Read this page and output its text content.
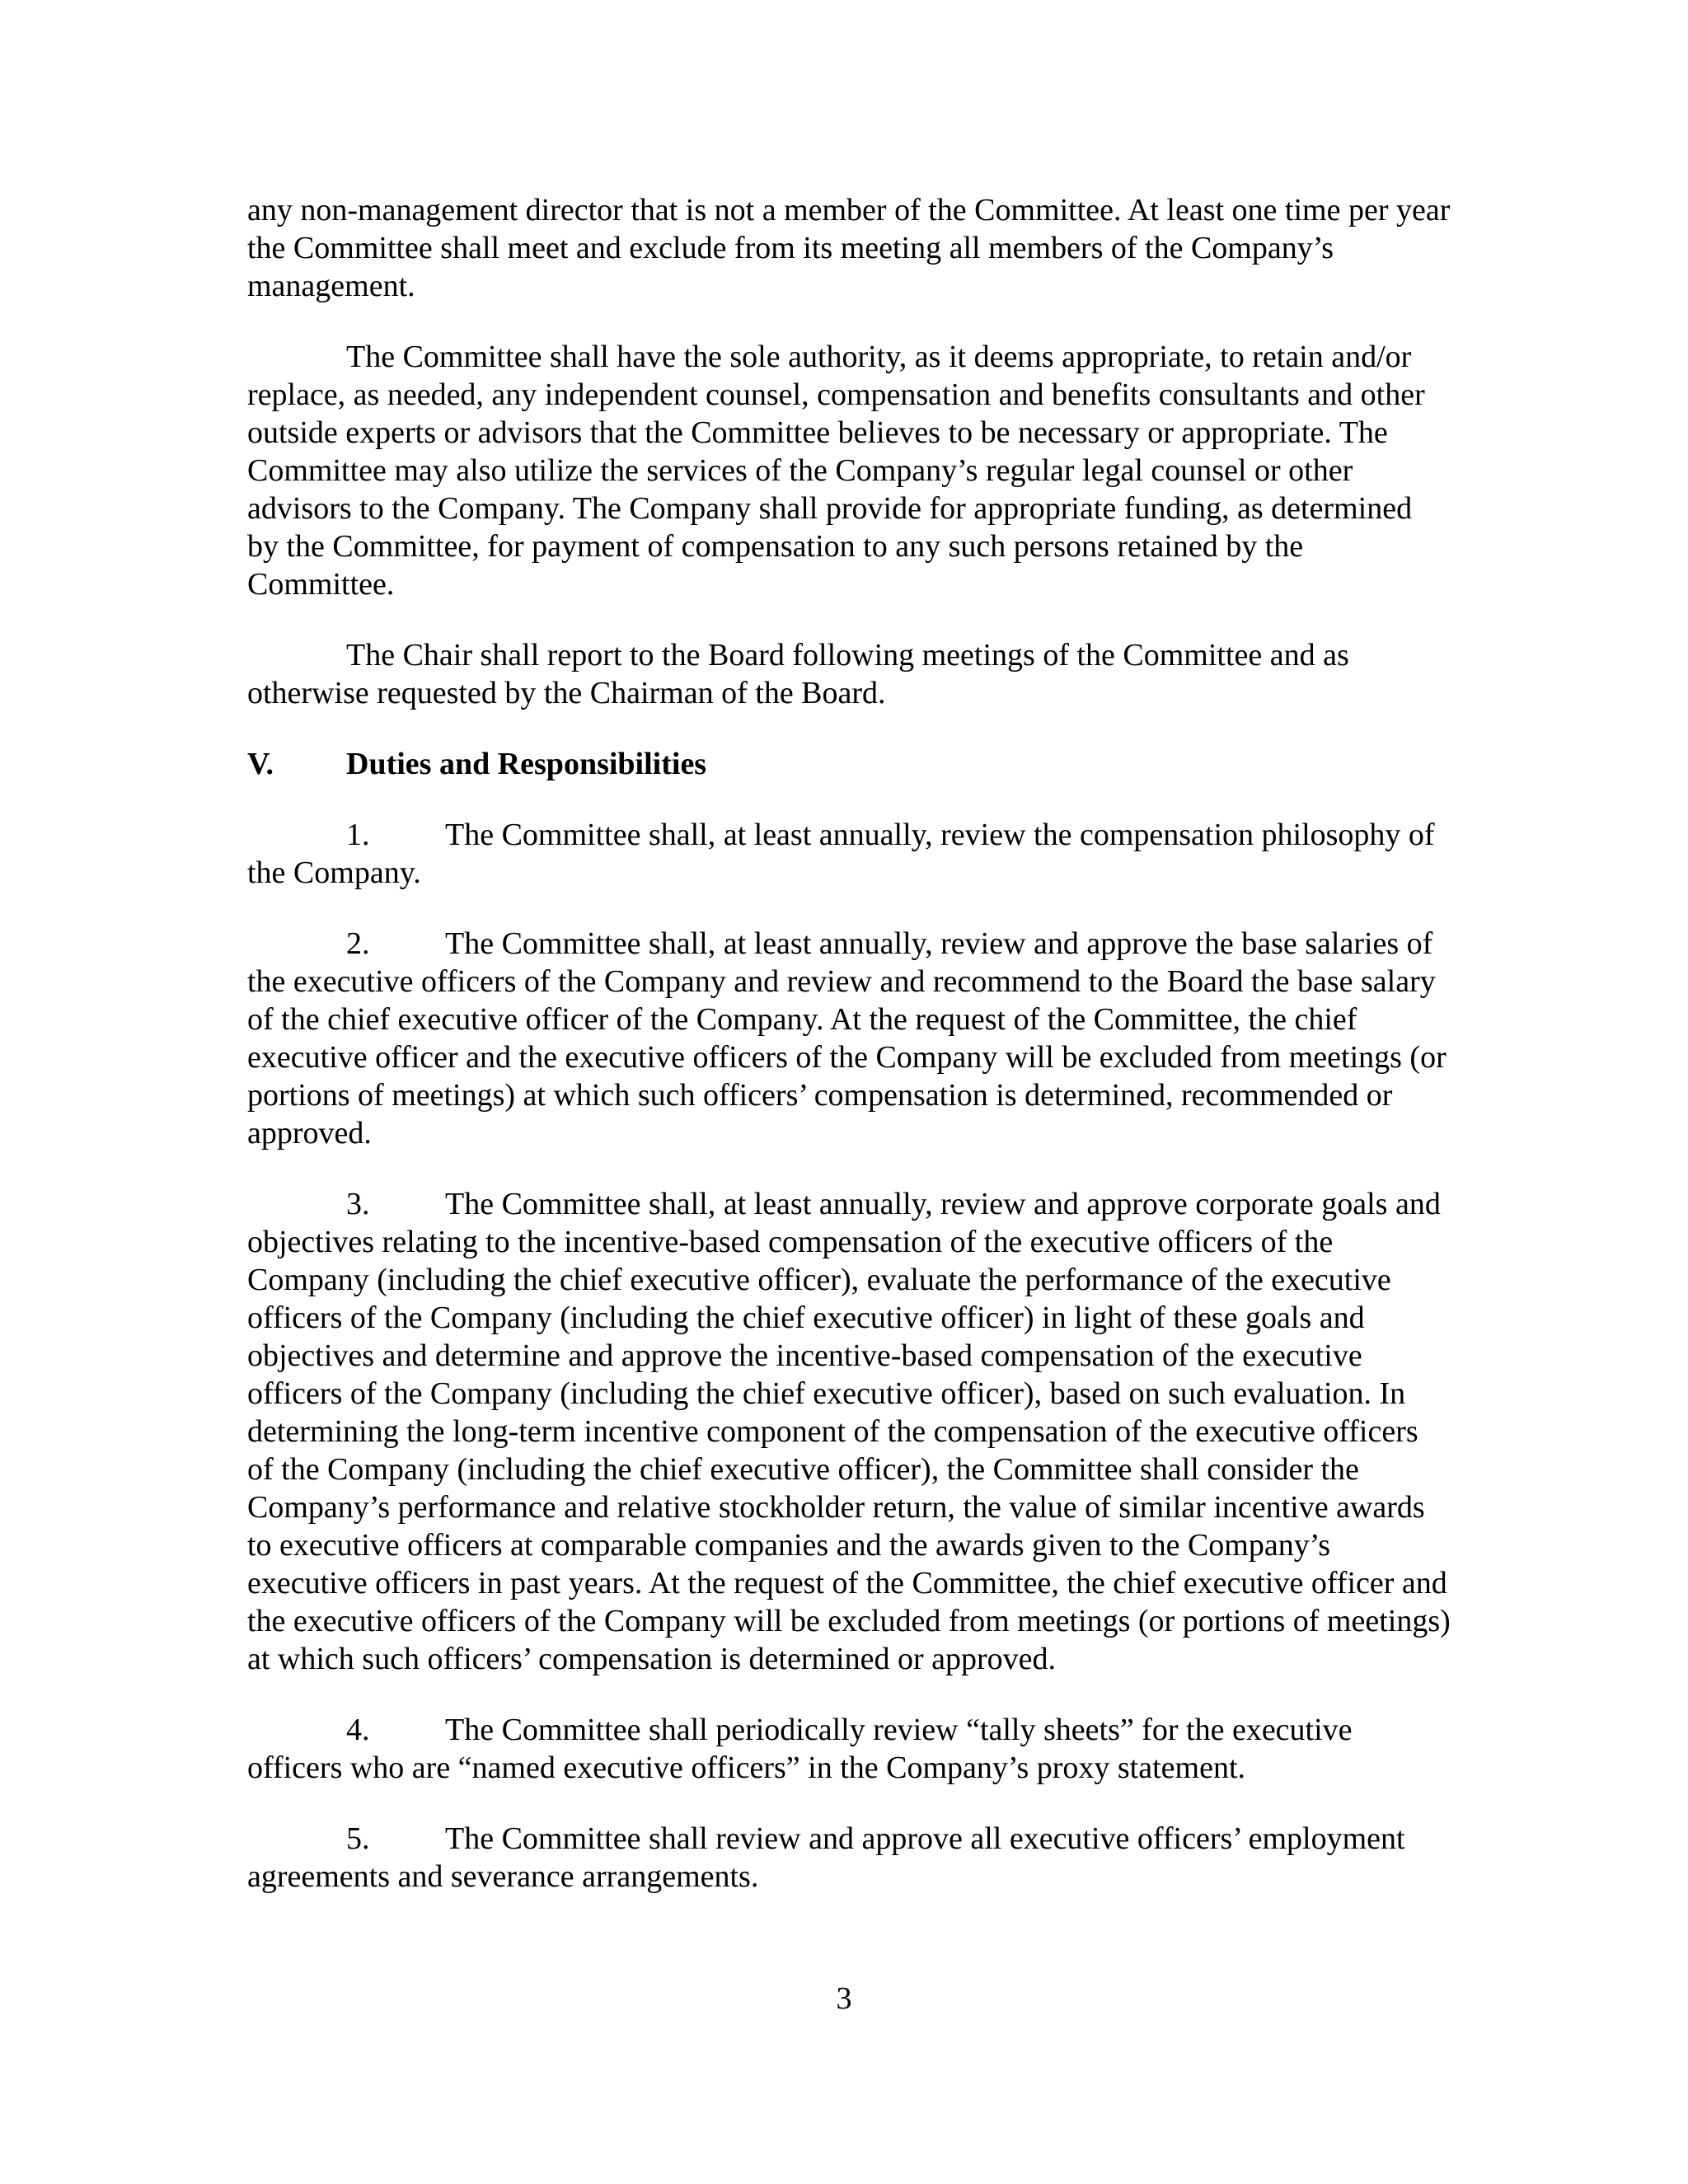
any non-management director that is not a member of the Committee. At least one time per year the Committee shall meet and exclude from its meeting all members of the Company’s management.

The Committee shall have the sole authority, as it deems appropriate, to retain and/or replace, as needed, any independent counsel, compensation and benefits consultants and other outside experts or advisors that the Committee believes to be necessary or appropriate. The Committee may also utilize the services of the Company’s regular legal counsel or other advisors to the Company. The Company shall provide for appropriate funding, as determined by the Committee, for payment of compensation to any such persons retained by the Committee.

The Chair shall report to the Board following meetings of the Committee and as otherwise requested by the Chairman of the Board.

V. Duties and Responsibilities

1. The Committee shall, at least annually, review the compensation philosophy of the Company.

2. The Committee shall, at least annually, review and approve the base salaries of the executive officers of the Company and review and recommend to the Board the base salary of the chief executive officer of the Company. At the request of the Committee, the chief executive officer and the executive officers of the Company will be excluded from meetings (or portions of meetings) at which such officers’ compensation is determined, recommended or approved.

3. The Committee shall, at least annually, review and approve corporate goals and objectives relating to the incentive-based compensation of the executive officers of the Company (including the chief executive officer), evaluate the performance of the executive officers of the Company (including the chief executive officer) in light of these goals and objectives and determine and approve the incentive-based compensation of the executive officers of the Company (including the chief executive officer), based on such evaluation. In determining the long-term incentive component of the compensation of the executive officers of the Company (including the chief executive officer), the Committee shall consider the Company’s performance and relative stockholder return, the value of similar incentive awards to executive officers at comparable companies and the awards given to the Company’s executive officers in past years. At the request of the Committee, the chief executive officer and the executive officers of the Company will be excluded from meetings (or portions of meetings) at which such officers’ compensation is determined or approved.

4. The Committee shall periodically review “tally sheets” for the executive officers who are “named executive officers” in the Company’s proxy statement.

5. The Committee shall review and approve all executive officers’ employment agreements and severance arrangements.

3
